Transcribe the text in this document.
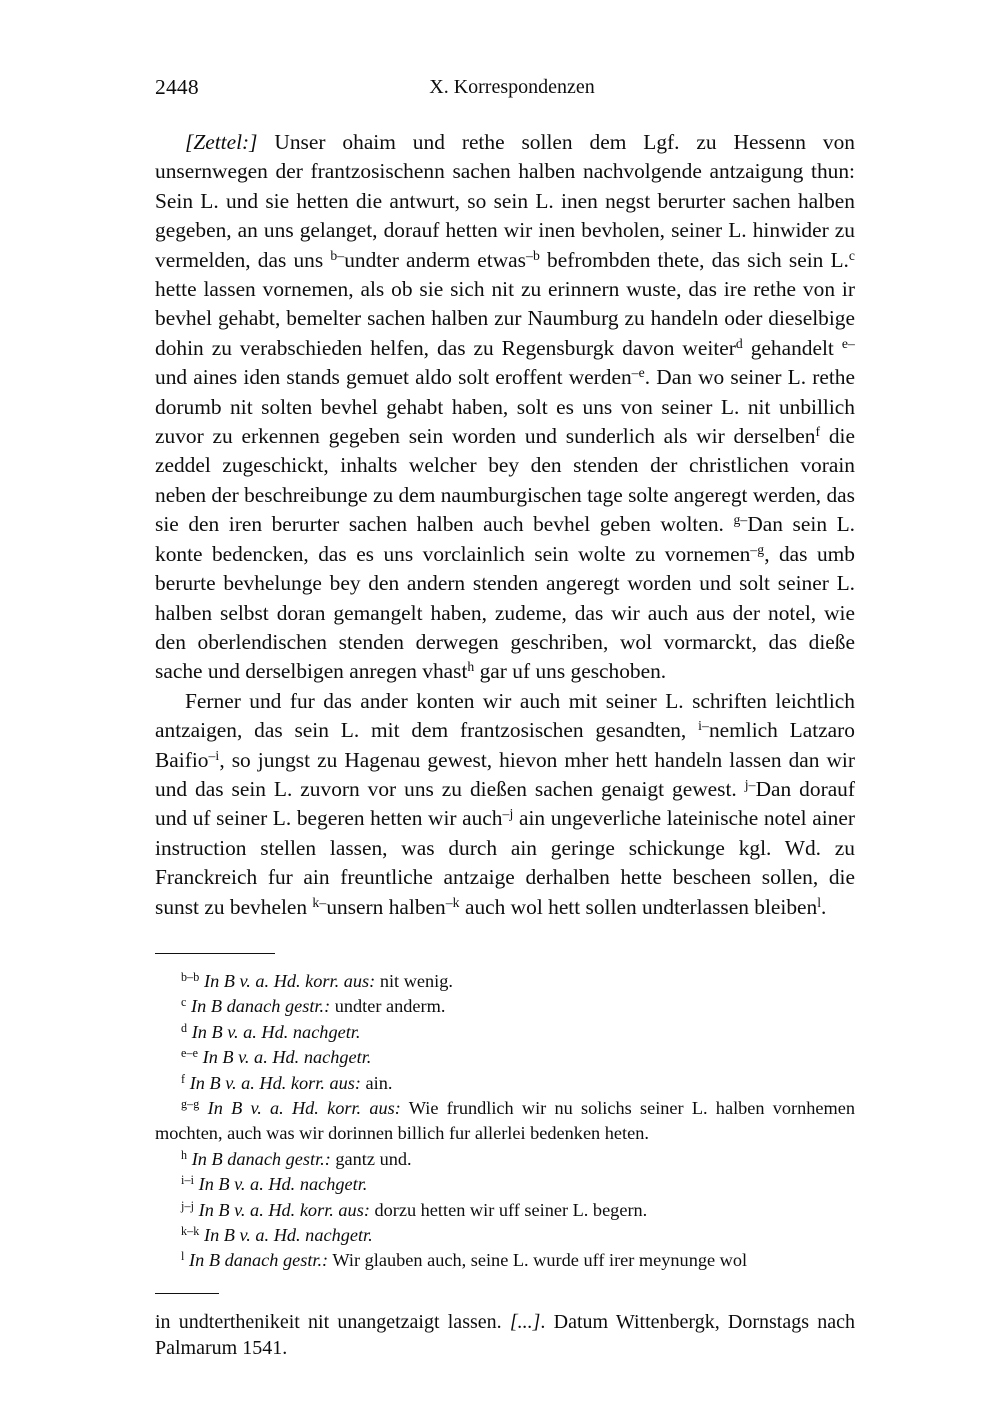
2448	X. Korrespondenzen

[Zettel:] Unser ohaim und rethe sollen dem Lgf. zu Hessenn von unsernwegen der frantzosischenn sachen halben nachvolgende antzaigung thun: Sein L. und sie hetten die antwurt, so sein L. inen negst berurter sachen halben gegeben, an uns gelanget, dorauf hetten wir inen bevholen, seiner L. hinwider zu vermelden, das uns $^{b-}$undter anderm etwas$^{-b}$ befrombden thete, das sich sein L.$^c$ hette lassen vornemen, als ob sie sich nit zu erinnern wuste, das ire rethe von ir bevhel gehabt, bemelter sachen halben zur Naumburg zu handeln oder dieselbige dohin zu verabschieden helfen, das zu Regensburgk davon weiter$^d$ gehandelt $^{e-}$und aines iden stands gemuet aldo solt eroffent werden$^{-e}$. Dan wo seiner L. rethe dorumb nit solten bevhel gehabt haben, solt es uns von seiner L. nit unbillich zuvor zu erkennen gegeben sein worden und sunderlich als wir derselben$^f$ die zeddel zugeschickt, inhalts welcher bey den stenden der christlichen vorain neben der beschreibunge zu dem naumburgischen tage solte angeregt werden, das sie den iren berurter sachen halben auch bevhel geben wolten. $^{g-}$Dan sein L. konte bedencken, das es uns vorclainlich sein wolte zu vornemen$^{-g}$, das umb berurte bevhelunge bey den andern stenden angeregt worden und solt seiner L. halben selbst doran gemangelt haben, zudeme, das wir auch aus der notel, wie den oberlendischen stenden derwegen geschriben, wol vormarckt, das dieße sache und derselbigen anregen vhast$^h$ gar uf uns geschoben.

Ferner und fur das ander konten wir auch mit seiner L. schriften leichtlich antzaigen, das sein L. mit dem frantzosischen gesandten, $^{i-}$nemlich Latzaro Baifio$^{-i}$, so jungst zu Hagenau gewest, hievon mher hett handeln lassen dan wir und das sein L. zuvorn vor uns zu dießen sachen genaigt gewest. $^{j-}$Dan dorauf und uf seiner L. begeren hetten wir auch$^{-j}$ ain ungeverliche lateinische notel ainer instruction stellen lassen, was durch ain geringe schickunge kgl. Wd. zu Franckreich fur ain freuntliche antzaige derhalben hette bescheen sollen, die sunst zu bevhelen $^{k-}$unsern halben$^{-k}$ auch wol hett sollen undterlassen bleiben$^l$.

$^{b-b}$ In B v. a. Hd. korr. aus: nit wenig.

$^c$ In B danach gestr.: undter anderm.

$^d$ In B v. a. Hd. nachgetr.

$^{e-e}$ In B v. a. Hd. nachgetr.

$^f$ In B v. a. Hd. korr. aus: ain.

$^{g-g}$ In B v. a. Hd. korr. aus: Wie frundlich wir nu solichs seiner L. halben vornhemen mochten, auch was wir dorinnen billich fur allerlei bedenken heten.

$^h$ In B danach gestr.: gantz und.

$^{i-i}$ In B v. a. Hd. nachgetr.

$^{j-j}$ In B v. a. Hd. korr. aus: dorzu hetten wir uff seiner L. begern.

$^{k-k}$ In B v. a. Hd. nachgetr.

$^l$ In B danach gestr.: Wir glauben auch, seine L. wurde uff irer meynunge wol

in undterthenikeit nit unangetzaigt lassen. [...]. Datum Wittenbergk, Dornstags nach Palmarum 1541.
